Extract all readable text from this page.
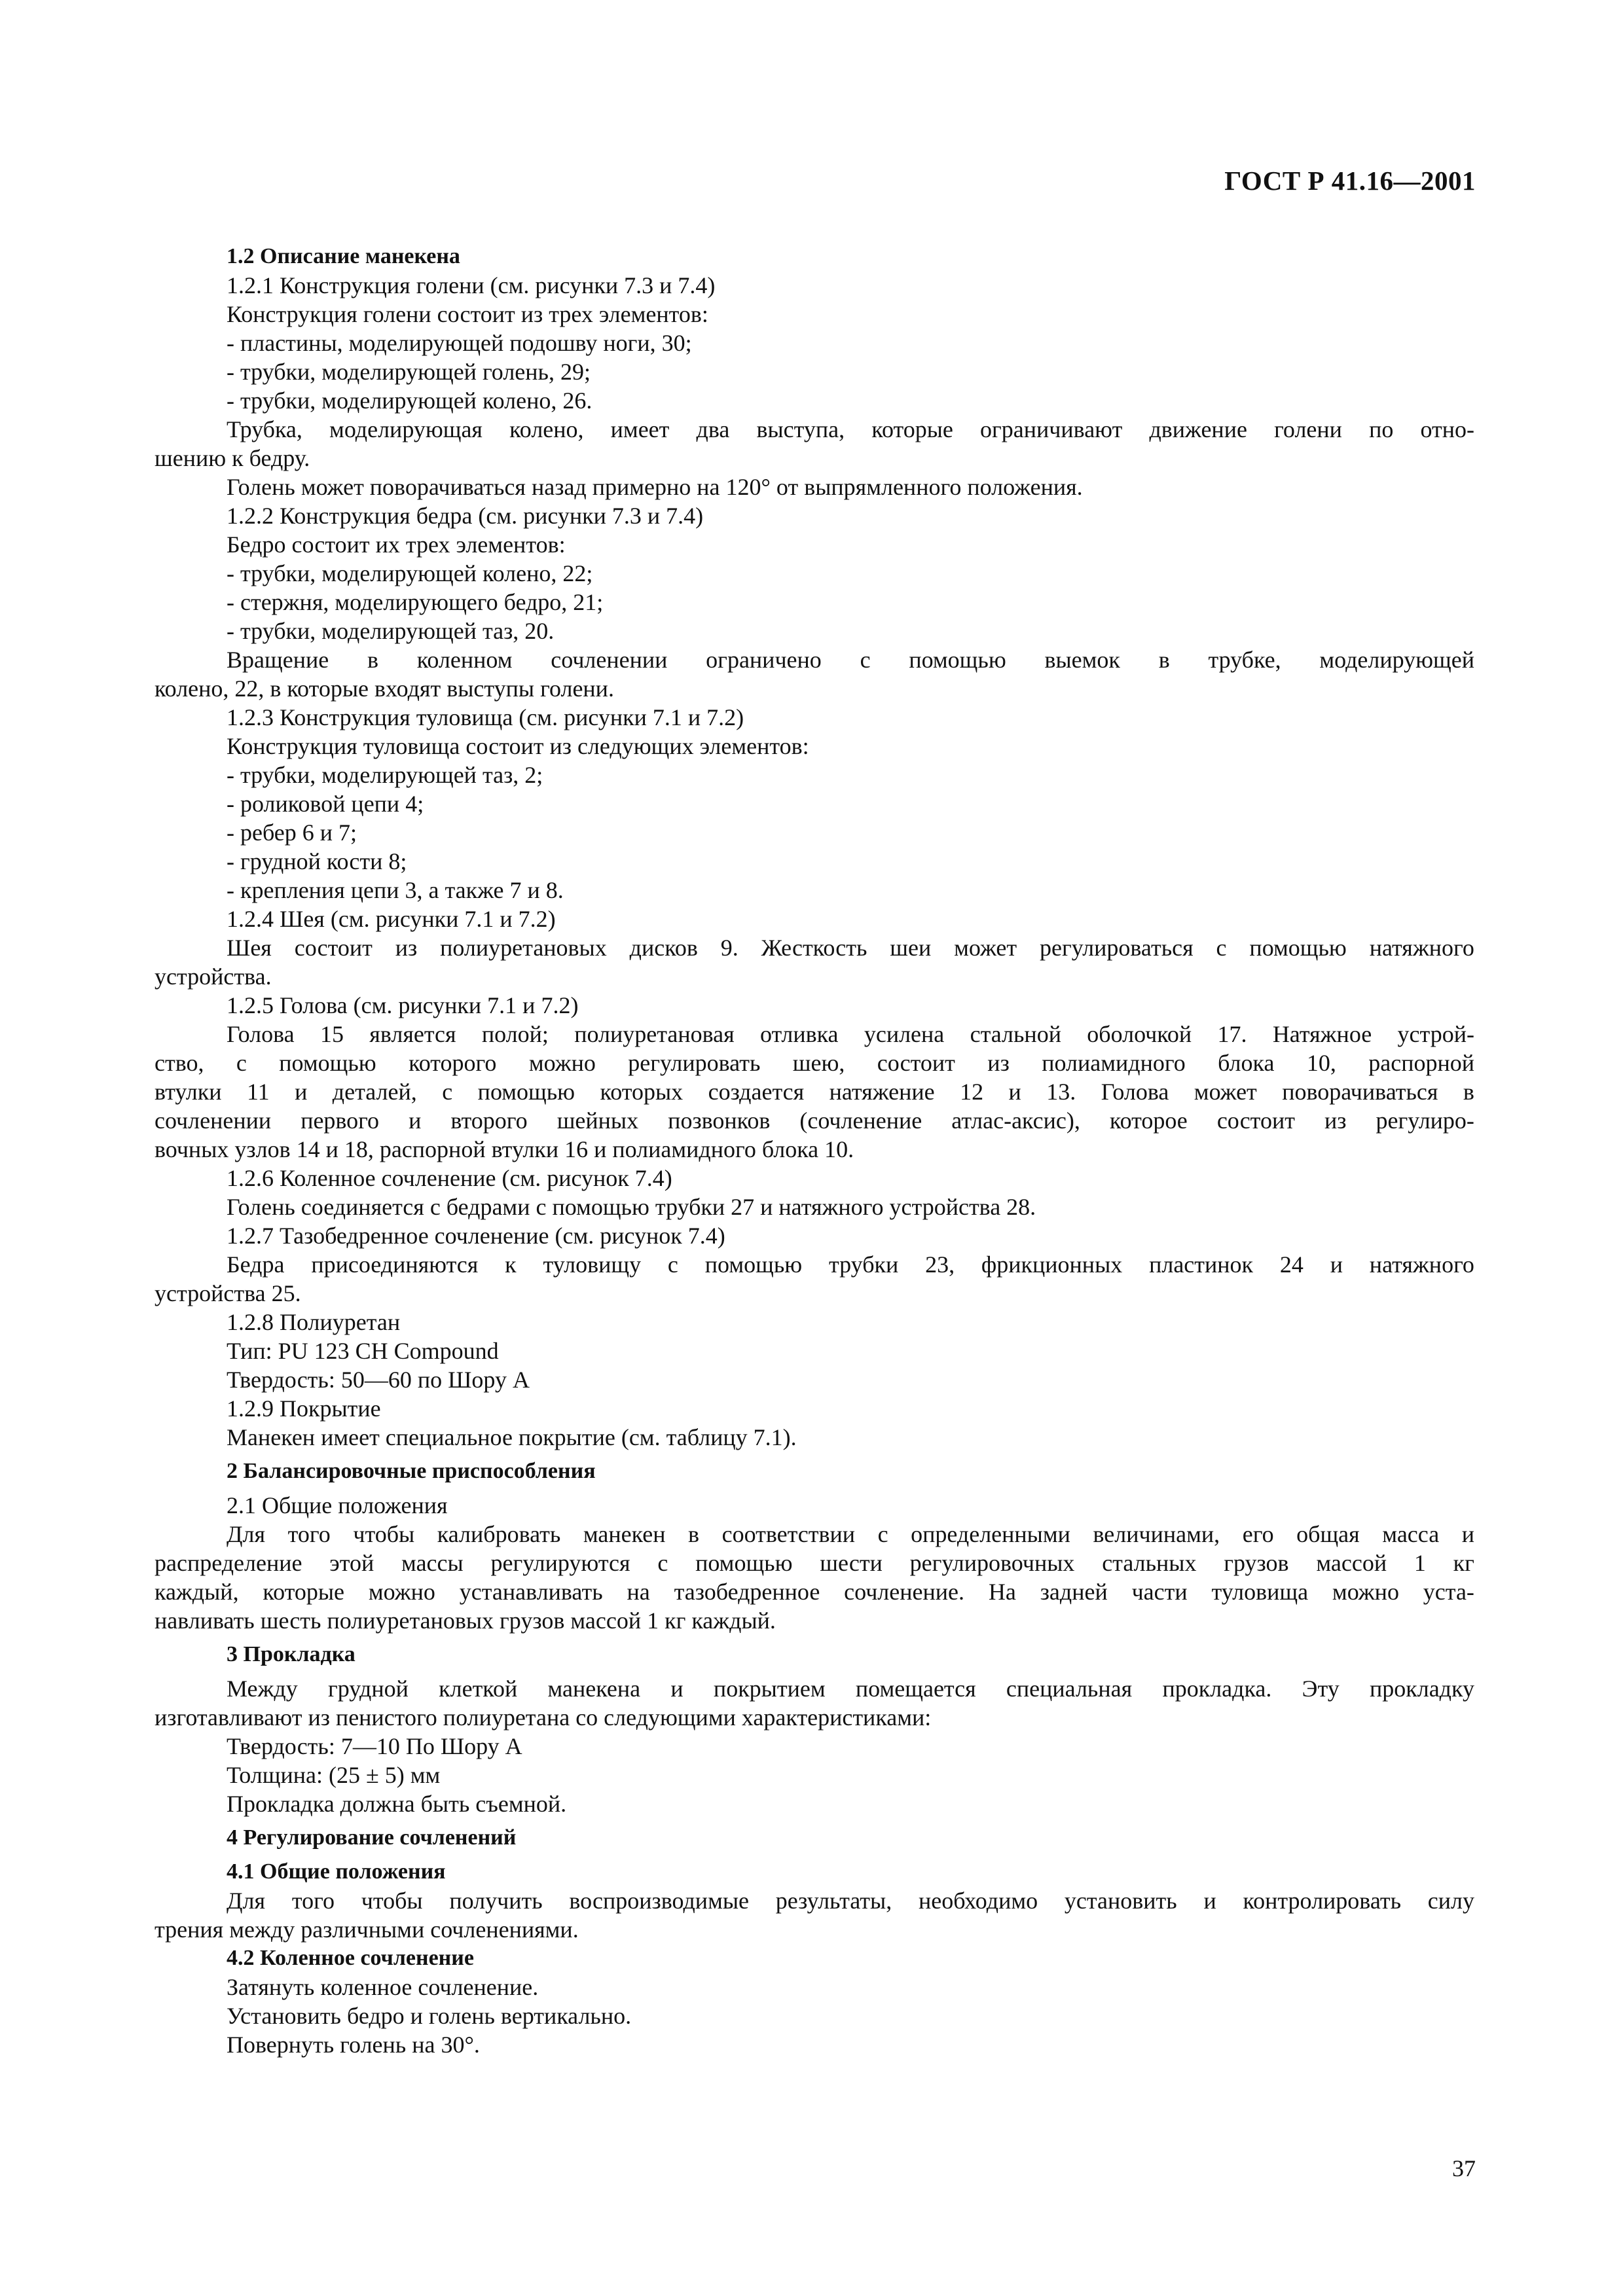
ГОСТ Р 41.16—2001
1.2 Описание манекена
1.2.1 Конструкция голени (см. рисунки 7.3 и 7.4)
Конструкция голени состоит из трех элементов:
- пластины, моделирующей подошву ноги, 30;
- трубки, моделирующей голень, 29;
- трубки, моделирующей колено, 26.
Трубка, моделирующая колено, имеет два выступа, которые ограничивают движение голени по отно-
шению к бедру.
Голень может поворачиваться назад примерно на 120° от выпрямленного положения.
1.2.2 Конструкция бедра (см. рисунки 7.3 и 7.4)
Бедро состоит их трех элементов:
- трубки, моделирующей колено, 22;
- стержня, моделирующего бедро, 21;
- трубки, моделирующей таз, 20.
Вращение в коленном сочленении ограничено с помощью выемок в трубке, моделирующей
колено, 22, в которые входят выступы голени.
1.2.3 Конструкция туловища (см. рисунки 7.1 и 7.2)
Конструкция туловища состоит из следующих элементов:
- трубки, моделирующей таз, 2;
- роликовой цепи 4;
- ребер 6 и 7;
- грудной кости 8;
- крепления цепи 3, а также 7 и 8.
1.2.4 Шея (см. рисунки 7.1 и 7.2)
Шея состоит из полиуретановых дисков 9. Жесткость шеи может регулироваться с помощью натяжного
устройства.
1.2.5 Голова (см. рисунки 7.1 и 7.2)
Голова 15 является полой; полиуретановая отливка усилена стальной оболочкой 17. Натяжное устрой-
ство, с помощью которого можно регулировать шею, состоит из полиамидного блока 10, распорной
втулки 11 и деталей, с помощью которых создается натяжение 12 и 13. Голова может поворачиваться в
сочленении первого и второго шейных позвонков (сочленение атлас-аксис), которое состоит из регулиро-
вочных узлов 14 и 18, распорной втулки 16 и полиамидного блока 10.
1.2.6 Коленное сочленение (см. рисунок 7.4)
Голень соединяется с бедрами с помощью трубки 27 и натяжного устройства 28.
1.2.7 Тазобедренное сочленение (см. рисунок 7.4)
Бедра присоединяются к туловищу с помощью трубки 23, фрикционных пластинок 24 и натяжного
устройства 25.
1.2.8 Полиуретан
Тип: PU 123 CH Compound
Твердость: 50—60 по Шору А
1.2.9 Покрытие
Манекен имеет специальное покрытие (см. таблицу 7.1).
2 Балансировочные приспособления
2.1 Общие положения
Для того чтобы калибровать манекен в соответствии с определенными величинами, его общая масса и
распределение этой массы регулируются с помощью шести регулировочных стальных грузов массой 1 кг
каждый, которые можно устанавливать на тазобедренное сочленение. На задней части туловища можно уста-
навливать шесть полиуретановых грузов массой 1 кг каждый.
3 Прокладка
Между грудной клеткой манекена и покрытием помещается специальная прокладка. Эту прокладку
изготавливают из пенистого полиуретана со следующими характеристиками:
Твердость: 7—10 По Шору А
Толщина: (25 ± 5) мм
Прокладка должна быть съемной.
4 Регулирование сочленений
4.1 Общие положения
Для того чтобы получить воспроизводимые результаты, необходимо установить и контролировать силу
трения между различными сочленениями.
4.2 Коленное сочленение
Затянуть коленное сочленение.
Установить бедро и голень вертикально.
Повернуть голень на 30°.
37
